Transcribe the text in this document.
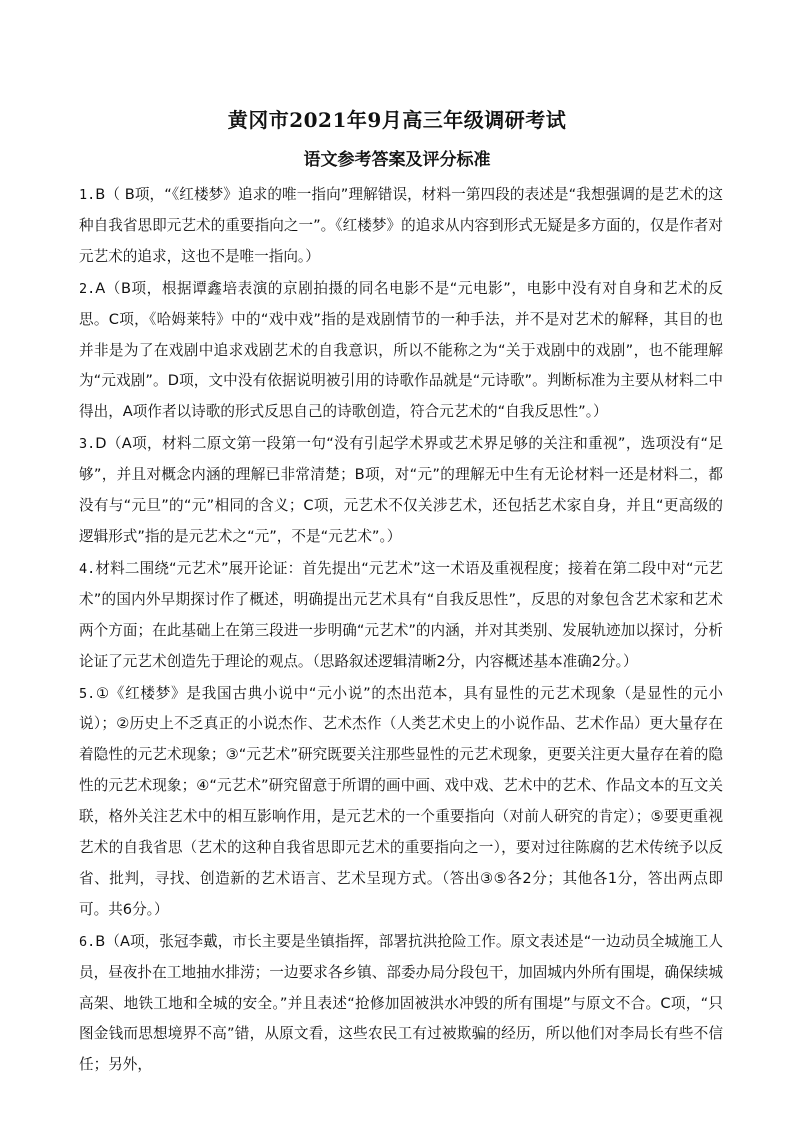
黄冈市2021年9月高三年级调研考试
语文参考答案及评分标准

1.B（ B项，“《红楼梦》追求的唯一指向”理解错误，材料一第四段的表述是“我想强调的是艺术的这种自我省思即元艺术的重要指向之一”。《红楼梦》的追求从内容到形式无疑是多方面的，仅是作者对元艺术的追求，这也不是唯一指向。）

2.A（B项，根据谭鑫培表演的京剧拍摄的同名电影不是“元电影”，电影中没有对自身和艺术的反思。C项，《哈姆莱特》中的“戏中戏”指的是戏剧情节的一种手法，并不是对艺术的解释，其目的也并非是为了在戏剧中追求戏剧艺术的自我意识，所以不能称之为“关于戏剧中的戏剧”，也不能理解为“元戏剧”。D项，文中没有依据说明被引用的诗歌作品就是“元诗歌”。判断标准为主要从材料二中得出，A项作者以诗歌的形式反思自己的诗歌创造，符合元艺术的“自我反思性”。）

3.D（A项，材料二原文第一段第一句“没有引起学术界或艺术界足够的关注和重视”，选项没有“足够”，并且对概念内涵的理解已非常清楚；B项，对“元”的理解无中生有无论材料一还是材料二，都没有与“元旦”的“元”相同的含义；C项，元艺术不仅关涉艺术，还包括艺术家自身，并且“更高级的逻辑形式”指的是元艺术之“元”，不是“元艺术”。）

4.材料二围绕“元艺术”展开论证：首先提出“元艺术”这一术语及重视程度；接着在第二段中对“元艺术”的国内外早期探讨作了概述，明确提出元艺术具有“自我反思性”，反思的对象包含艺术家和艺术两个方面；在此基础上在第三段进一步明确“元艺术”的内涵，并对其类别、发展轨迹加以探讨，分析论证了元艺术创造先于理论的观点。（思路叙述逻辑清晰2分，内容概述基本准确2分。）

5.①《红楼梦》是我国古典小说中“元小说”的杰出范本，具有显性的元艺术现象（是显性的元小说）；②历史上不乏真正的小说杰作、艺术杰作（人类艺术史上的小说作品、艺术作品）更大量存在着隐性的元艺术现象；③“元艺术”研究既要关注那些显性的元艺术现象，更要关注更大量存在着的隐性的元艺术现象；④“元艺术”研究留意于所谓的画中画、戏中戏、艺术中的艺术、作品文本的互文关联，格外关注艺术中的相互影响作用，是元艺术的一个重要指向（对前人研究的肯定）；⑤要更重视艺术的自我省思（艺术的这种自我省思即元艺术的重要指向之一），要对过往陈腐的艺术传统予以反省、批判，寻找、创造新的艺术语言、艺术呈现方式。（答出③⑤各2分；其他各1分，答出两点即可。共6分。）

6.B（A项，张冠李戴，市长主要是坐镇指挥，部署抗洪抢险工作。原文表述是“一边动员全城施工人员，昼夜扑在工地抽水排涝；一边要求各乡镇、部委办局分段包干，加固城内外所有围堤，确保续城高架、地铁工地和全城的安全。”并且表述“抢修加固被洪水冲毁的所有围堤”与原文不合。C项，“只图金钱而思想境界不高”错，从原文看，这些农民工有过被欺骗的经历，所以他们对李局长有些不信任；另外，
